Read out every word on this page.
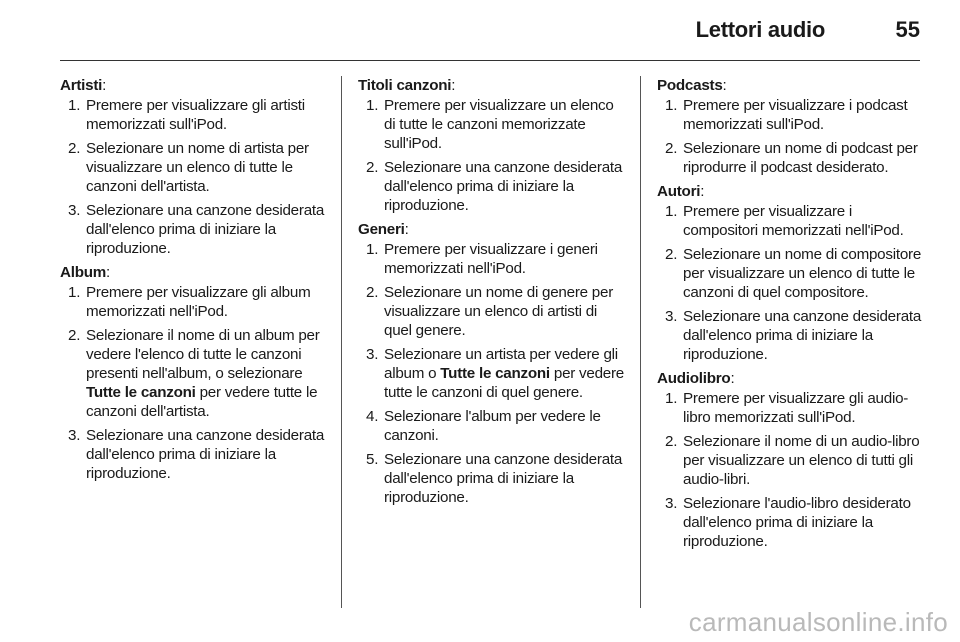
Lettori audio	55
Artisti:
1. Premere per visualizzare gli artisti memorizzati sull'iPod.
2. Selezionare un nome di artista per visualizzare un elenco di tutte le canzoni dell'artista.
3. Selezionare una canzone desiderata dall'elenco prima di iniziare la riproduzione.
Album:
1. Premere per visualizzare gli album memorizzati nell'iPod.
2. Selezionare il nome di un album per vedere l'elenco di tutte le canzoni presenti nell'album, o selezionare Tutte le canzoni per vedere tutte le canzoni dell'artista.
3. Selezionare una canzone desiderata dall'elenco prima di iniziare la riproduzione.
Titoli canzoni:
1. Premere per visualizzare un elenco di tutte le canzoni memorizzate sull'iPod.
2. Selezionare una canzone desiderata dall'elenco prima di iniziare la riproduzione.
Generi:
1. Premere per visualizzare i generi memorizzati nell'iPod.
2. Selezionare un nome di genere per visualizzare un elenco di artisti di quel genere.
3. Selezionare un artista per vedere gli album o Tutte le canzoni per vedere tutte le canzoni di quel genere.
4. Selezionare l'album per vedere le canzoni.
5. Selezionare una canzone desiderata dall'elenco prima di iniziare la riproduzione.
Podcasts:
1. Premere per visualizzare i podcast memorizzati sull'iPod.
2. Selezionare un nome di podcast per riprodurre il podcast desiderato.
Autori:
1. Premere per visualizzare i compositori memorizzati nell'iPod.
2. Selezionare un nome di compositore per visualizzare un elenco di tutte le canzoni di quel compositore.
3. Selezionare una canzone desiderata dall'elenco prima di iniziare la riproduzione.
Audiolibro:
1. Premere per visualizzare gli audio-libro memorizzati sull'iPod.
2. Selezionare il nome di un audio-libro per visualizzare un elenco di tutti gli audio-libri.
3. Selezionare l'audio-libro desiderato dall'elenco prima di iniziare la riproduzione.
carmanualsonline.info
